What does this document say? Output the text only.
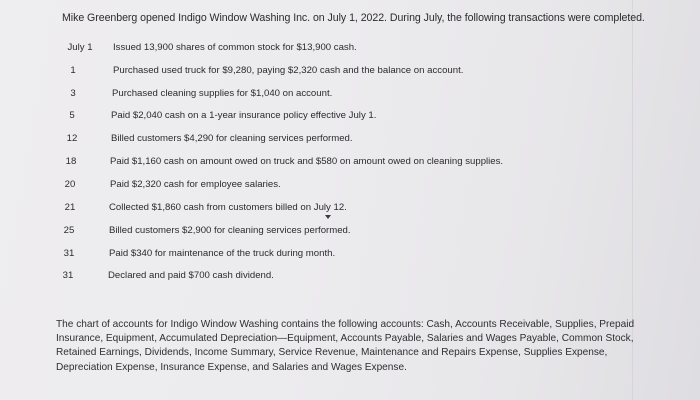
Mike Greenberg opened Indigo Window Washing Inc. on July 1, 2022. During July, the following transactions were completed.
July 1	Issued 13,900 shares of common stock for $13,900 cash.
1	Purchased used truck for $9,280, paying $2,320 cash and the balance on account.
3	Purchased cleaning supplies for $1,040 on account.
5	Paid $2,040 cash on a 1-year insurance policy effective July 1.
12	Billed customers $4,290 for cleaning services performed.
18	Paid $1,160 cash on amount owed on truck and $580 on amount owed on cleaning supplies.
20	Paid $2,320 cash for employee salaries.
21	Collected $1,860 cash from customers billed on July 12.
25	Billed customers $2,900 for cleaning services performed.
31	Paid $340 for maintenance of the truck during month.
31	Declared and paid $700 cash dividend.
The chart of accounts for Indigo Window Washing contains the following accounts: Cash, Accounts Receivable, Supplies, Prepaid Insurance, Equipment, Accumulated Depreciation—Equipment, Accounts Payable, Salaries and Wages Payable, Common Stock, Retained Earnings, Dividends, Income Summary, Service Revenue, Maintenance and Repairs Expense, Supplies Expense, Depreciation Expense, Insurance Expense, and Salaries and Wages Expense.
